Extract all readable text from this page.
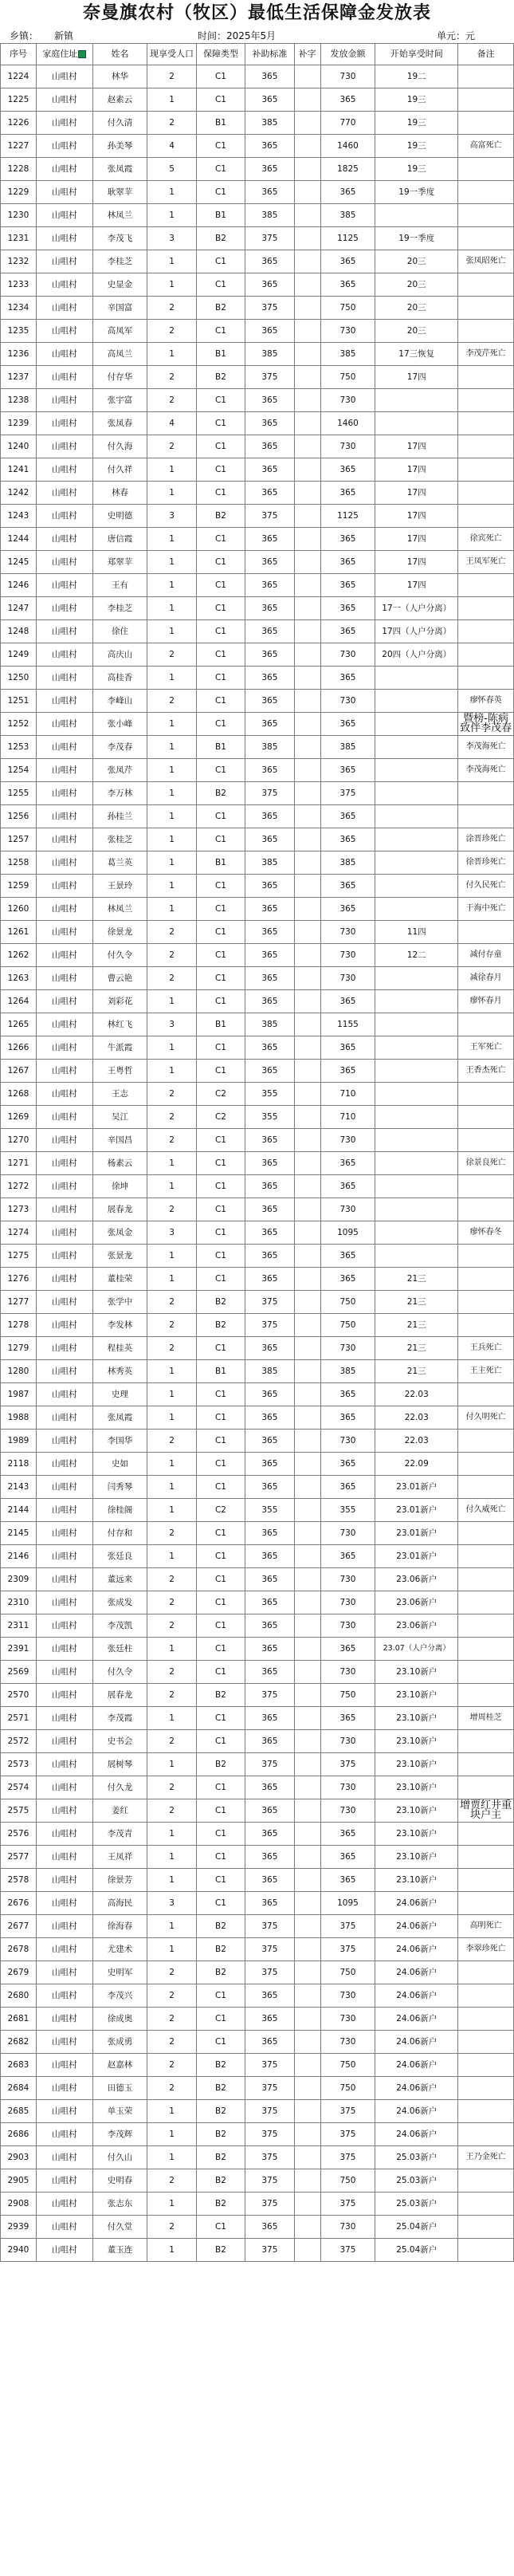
奈曼旗农村（牧区）最低生活保障金发放表
乡镇： 新镇	时间：2025年5月	单元：元
序号	家庭住址	姓名	现享受人口	保障类型	补助标准	补字	发放金额	开始享受时间	备注
1224	山咀村	林华	2	C1	365		730	19二	
1225	山咀村	赵素云	1	C1	365		365	19三	
1226	山咀村	付久清	2	B1	385		770	19三	
1227	山咀村	孙美琴	4	C1	365		1460	19三	高富死亡
1228	山咀村	张凤霞	5	C1	365		1825	19三	
1229	山咀村	耿翠苹	1	C1	365		365	19一季度	
1230	山咀村	林凤兰	1	B1	385		385		
1231	山咀村	李茂飞	3	B2	375		1125	19一季度	
1232	山咀村	李桂芝	1	C1	365		365	20三	张凤昭死亡
1233	山咀村	史显金	1	C1	365		365	20三	
1234	山咀村	辛国富	2	B2	375		750	20三	
1235	山咀村	高凤军	2	C1	365		730	20三	
1236	山咀村	高凤兰	1	B1	385		385	17三恢复	李茂芹死亡
1237	山咀村	付存华	2	B2	375		750	17四	
1238	山咀村	张宇富	2	C1	365		730		
1239	山咀村	张凤春	4	C1	365		1460		
1240	山咀村	付久海	2	C1	365		730	17四	
1241	山咀村	付久祥	1	C1	365		365	17四	
1242	山咀村	林春	1	C1	365		365	17四	
1243	山咀村	史明德	3	B2	375		1125	17四	
1244	山咀村	唐信霞	1	C1	365		365	17四	徐宾死亡
1245	山咀村	郑翠苹	1	C1	365		365	17四	王凤军死亡
1246	山咀村	王有	1	C1	365		365	17四	
1247	山咀村	李桂芝	1	C1	365		365	17一（人户分离）	
1248	山咀村	徐住	1	C1	365		365	17四（人户分离）	
1249	山咀村	高庆山	2	C1	365		730	20四（人户分离）	
1250	山咀村	高桂香	1	C1	365		365		
1251	山咀村	李峰山	2	C1	365		730		瘳怀春英
1252	山咀村	张小峰	1	C1	365		365		暨榜-陈病致伴李茂春
1253	山咀村	李茂春	1	B1	385		385		李茂海死亡
1254	山咀村	张凤芹	1	C1	365		365		李茂海死亡
1255	山咀村	李万林	1	B2	375		375		
1256	山咀村	孙桂兰	1	C1	365		365		
1257	山咀村	张桂芝	1	C1	365		365		涂晋珍死亡
1258	山咀村	葛兰英	1	B1	385		385		徐晋珍死亡
1259	山咀村	王景玲	1	C1	365		365		付久民死亡
1260	山咀村	林凤兰	1	C1	365		365		于海中死亡
1261	山咀村	徐景龙	2	C1	365		730	11四	
1262	山咀村	付久令	2	C1	365		730	12二	减付存童
1263	山咀村	曹云艳	2	C1	365		730		减徐春月
1264	山咀村	刘彩花	1	C1	365		365		瘳怀春月
1265	山咀村	林红飞	3	B1	385		1155		
1266	山咀村	牛派霞	1	C1	365		365		王军死亡
1267	山咀村	王粤哲	1	C1	365		365		王香杰死亡
1268	山咀村	王志	2	C2	355		710		
1269	山咀村	吴江	2	C2	355		710		
1270	山咀村	辛国昌	2	C1	365		730		
1271	山咀村	杨素云	1	C1	365		365		徐景良死亡
1272	山咀村	徐坤	1	C1	365		365		
1273	山咀村	展春龙	2	C1	365		730		
1274	山咀村	张凤金	3	C1	365		1095		瘳怀春冬
1275	山咀村	张景龙	1	C1	365		365		
1276	山咀村	董桂荣	1	C1	365		365	21三	
1277	山咀村	张学中	2	B2	375		750	21三	
1278	山咀村	李发林	2	B2	375		750	21三	
1279	山咀村	程桂英	2	C1	365		730	21三	王兵死亡
1280	山咀村	林秀英	1	B1	385		385	21三	王主死亡
1987	山咀村	史理	1	C1	365		365	22.03	
1988	山咀村	张凤霞	1	C1	365		365	22.03	付久明死亡
1989	山咀村	李国华	2	C1	365		730	22.03	
2118	山咀村	史如	1	C1	365		365	22.09	
2143	山咀村	闫秀琴	1	C1	365		365	23.01新户	
2144	山咀村	徐桂阁	1	C2	355		355	23.01新户	付久威死亡
2145	山咀村	付存和	2	C1	365		730	23.01新户	
2146	山咀村	张廷良	1	C1	365		365	23.01新户	
2309	山咀村	董远来	2	C1	365		730	23.06新户	
2310	山咀村	张成发	2	C1	365		730	23.06新户	
2311	山咀村	李茂凯	2	C1	365		730	23.06新户	
2391	山咀村	张廷柱	1	C1	365		365	23.07（人户分离）	
2569	山咀村	付久令	2	C1	365		730	23.10新户	
2570	山咀村	展春龙	2	B2	375		750	23.10新户	
2571	山咀村	李茂霞	1	C1	365		365	23.10新户	增周桂芝
2572	山咀村	史书会	2	C1	365		730	23.10新户	
2573	山咀村	展树琴	1	B2	375		375	23.10新户	
2574	山咀村	付久龙	2	C1	365		730	23.10新户	
2575	山咀村	姜红	2	C1	365		730	23.10新户	增贾红井重块户主
2576	山咀村	李茂青	1	C1	365		365	23.10新户	
2577	山咀村	王凤祥	1	C1	365		365	23.10新户	
2578	山咀村	徐景芳	1	C1	365		365	23.10新户	
2676	山咀村	高海民	3	C1	365		1095	24.06新户	
2677	山咀村	徐海春	1	B2	375		375	24.06新户	高明死亡
2678	山咀村	尤建术	1	B2	375		375	24.06新户	李翠珍死亡
2679	山咀村	史明军	2	B2	375		750	24.06新户	
2680	山咀村	李茂兴	2	C1	365		730	24.06新户	
2681	山咀村	徐成奥	2	C1	365		730	24.06新户	
2682	山咀村	张成勇	2	C1	365		730	24.06新户	
2683	山咀村	赵嘉林	2	B2	375		750	24.06新户	
2684	山咀村	田德玉	2	B2	375		750	24.06新户	
2685	山咀村	单玉荣	1	B2	375		375	24.06新户	
2686	山咀村	李茂辉	1	B2	375		375	24.06新户	
2903	山咀村	付久山	1	B2	375		375	25.03新户	王乃金死亡
2905	山咀村	史明春	2	B2	375		750	25.03新户	
2908	山咀村	张志东	1	B2	375		375	25.03新户	
2939	山咀村	付久堂	2	C1	365		730	25.04新户	
2940	山咀村	董玉连	1	B2	375		375	25.04新户	
